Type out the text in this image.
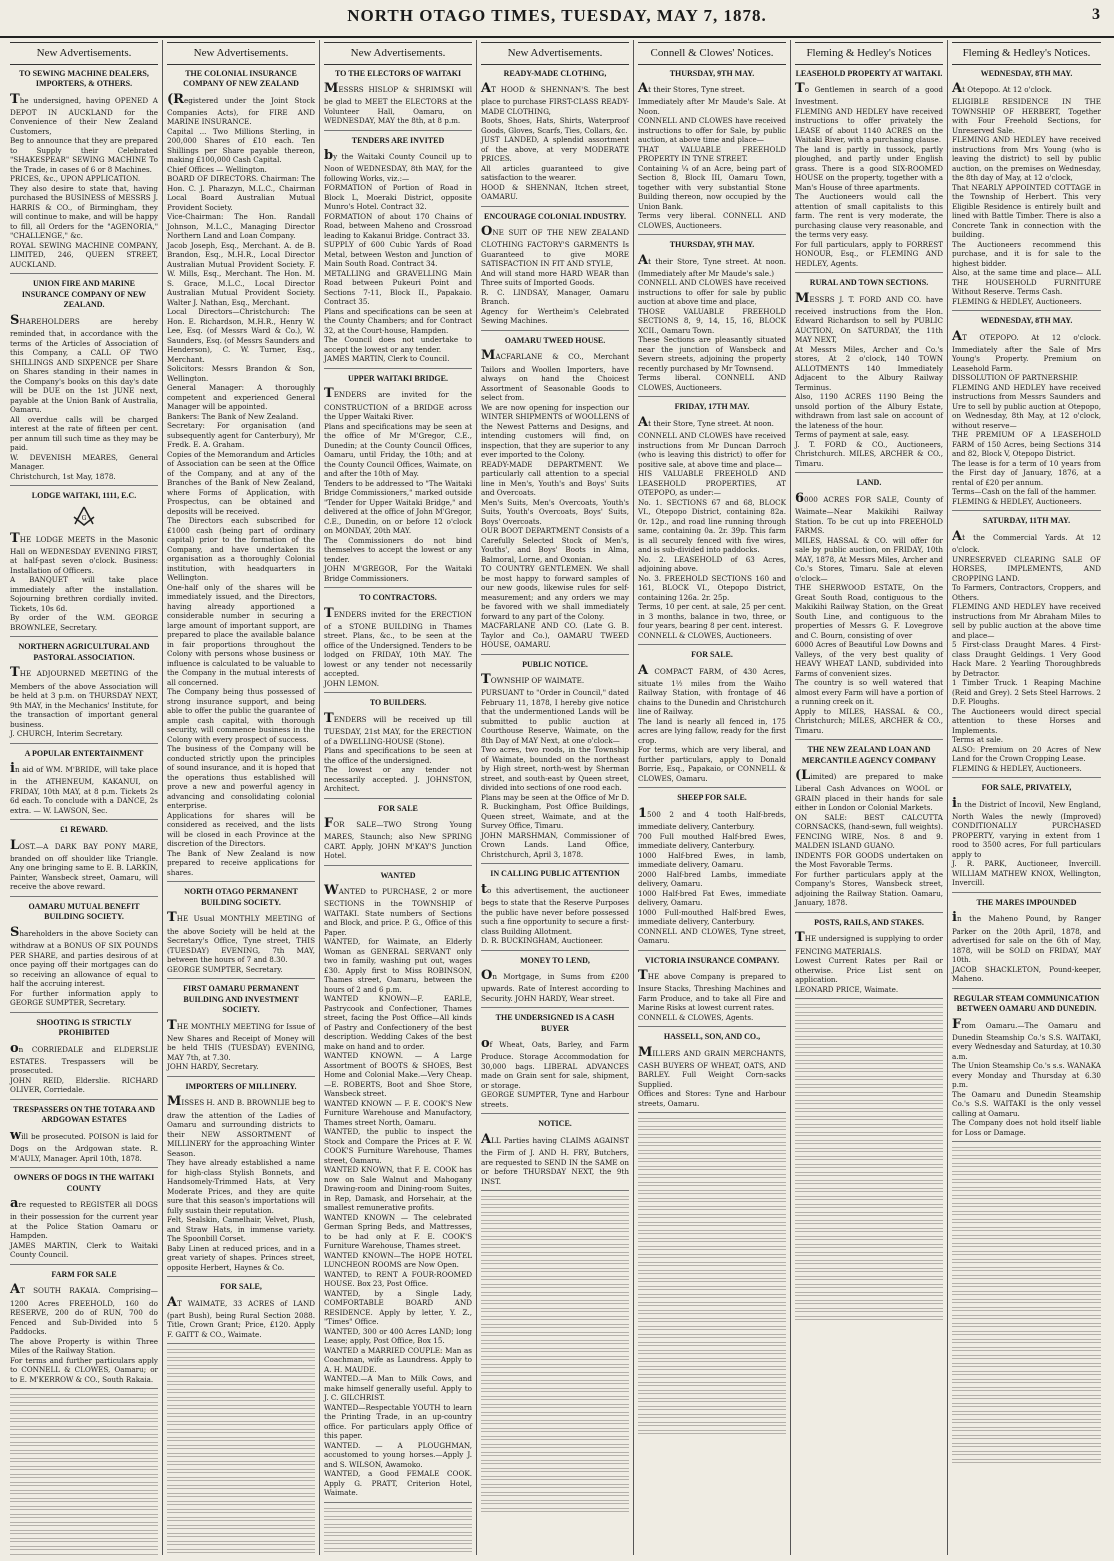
NORTH OTAGO TIMES, TUESDAY, MAY 7, 1878.	3
New Advertisements.
TO SEWING MACHINE DEALERS, IMPORTERS, & OTHERS.

The undersigned, having OPENED A DEPOT IN AUCKLAND for the Convenience of their New Zealand Customers,

Beg to announce that they are prepared to Supply their Celebrated "SHAKESPEAR" SEWING MACHINE To the Trade, in cases of 6 or 8 Machines.

PRICES, &c., UPON APPLICATION.

They also desire to state that, having purchased the BUSINESS of MESSRS J. HARRIS & CO., of Birmingham, they will continue to make, and will be happy to fill, all Orders for the "AGENORIA," "CHALLENGE," &c.

ROYAL SEWING MACHINE COMPANY, LIMITED, 246, QUEEN STREET, AUCKLAND.

UNION FIRE AND MARINE INSURANCE COMPANY OF NEW ZEALAND.

SHAREHOLDERS are hereby reminded that, in accordance with the terms of the Articles of Association of this Company, a CALL OF TWO SHILLINGS AND SIXPENCE per Share on Shares standing in their names in the Company's books on this day's date will be DUE on the 1st JUNE next, payable at the Union Bank of Australia, Oamaru.

All overdue calls will be charged interest at the rate of fifteen per cent. per annum till such time as they may be paid.

W. DEVENISH MEARES, General Manager.

Christchurch, 1st May, 1878.

LODGE WAITAKI, 1111, E.C.
G

THE LODGE MEETS in the Masonic Hall on WEDNESDAY EVENING FIRST, at half-past seven o'clock. Business: Installation of Officers.

A BANQUET will take place immediately after the installation. Sojourning brethren cordially invited. Tickets, 10s 6d.

By order of the W.M. GEORGE BROWNLEE, Secretary.

NORTHERN AGRICULTURAL AND PASTORAL ASSOCIATION.

THE ADJOURNED MEETING of the Members of the above Association will be held at 3 p.m. on THURSDAY NEXT, 9th MAY, in the Mechanics' Institute, for the transaction of important general business.

J. CHURCH, Interim Secretary.

A POPULAR ENTERTAINMENT

in aid of WM. M'BRIDE, will take place in the ATHENEUM, KAKANUI, on FRIDAY, 10th MAY, at 8 p.m. Tickets 2s 6d each. To conclude with a DANCE, 2s extra. — W. LAWSON, Sec.

£1 REWARD.

LOST.—A DARK BAY PONY MARE, branded on off shoulder like Triangle. Any one bringing same to E. B. LARKIN, Painter, Wansbeck street, Oamaru, will receive the above reward.

OAMARU MUTUAL BENEFIT BUILDING SOCIETY.

Shareholders in the above Society can withdraw at a BONUS OF SIX POUNDS PER SHARE, and parties desirous of at once paying off their mortgages can do so receiving an allowance of equal to half the accruing interest.

For further information apply to GEORGE SUMPTER, Secretary.

SHOOTING IS STRICTLY PROHIBITED

on CORRIEDALE and ELDERSLIE ESTATES. Trespassers will be prosecuted.

JOHN REID, Elderslie. RICHARD OLIVER, Corriedale.

TRESPASSERS ON THE TOTARA AND ARDGOWAN ESTATES

will be prosecuted. POISON is laid for Dogs on the Ardgowan state. R. M'AULY, Manager. April 10th, 1878.

OWNERS OF DOGS IN THE WAITAKI COUNTY

are requested to REGISTER all DOGS in their possession for the current year at the Police Station Oamaru or Hampden.

JAMES MARTIN, Clerk to Waitaki County Council.

FARM FOR SALE

AT SOUTH RAKAIA. Comprising— 1200 Acres FREEHOLD, 160 do RESERVE, 200 do of RUN, 700 do Fenced and Sub-Divided into 5 Paddocks.

The above Property is within Three Miles of the Railway Station.

For terms and further particulars apply to CONNELL & CLOWES, Oamaru; or to E. M'KERROW & CO., South Rakaia.

New Advertisements.
THE COLONIAL INSURANCE COMPANY OF NEW ZEALAND

(Registered under the Joint Stock Companies Acts), for FIRE AND MARINE INSURANCE.

Capital ... Two Millions Sterling, in 200,000 Shares of £10 each. Ten Shillings per Share payable thereon, making £100,000 Cash Capital.

Chief Offices — Wellington.

BOARD OF DIRECTORS. Chairman: The Hon. C. J. Pharazyn, M.L.C., Chairman Local Board Australian Mutual Provident Society.

Vice-Chairman: The Hon. Randall Johnson, M.L.C., Managing Director Northern Land and Loan Company.

Jacob Joseph, Esq., Merchant. A. de B. Brandon, Esq., M.H.R., Local Director Australian Mutual Provident Society. F. W. Mills, Esq., Merchant. The Hon. M. S. Grace, M.L.C., Local Director Australian Mutual Provident Society. Walter J. Nathan, Esq., Merchant.

Local Directors—Christchurch: The Hon. E. Richardson, M.H.R., Henry W. Lee, Esq. (of Messrs Ward & Co.), W. Saunders, Esq. (of Messrs Saunders and Henderson), C. W. Turner, Esq., Merchant.

Solicitors: Messrs Brandon & Son, Wellington.

General Manager: A thoroughly competent and experienced General Manager will be appointed.

Bankers: The Bank of New Zealand.

Secretary: For organisation (and subsequently agent for Canterbury), Mr Fredk. E. A. Graham.

Copies of the Memorandum and Articles of Association can be seen at the Office of the Company, and at any of the Branches of the Bank of New Zealand, where Forms of Application, with Prospectus, can be obtained and deposits will be received.

The Directors each subscribed for £1000 cash (being part of ordinary capital) prior to the formation of the Company, and have undertaken its organisation as a thoroughly Colonial institution, with headquarters in Wellington.

One-half only of the shares will be immediately issued, and the Directors, having already apportioned a considerable number in securing a large amount of important support, are prepared to place the available balance in fair proportions throughout the Colony with persons whose business or influence is calculated to be valuable to the Company in the mutual interests of all concerned.

The Company being thus possessed of strong insurance support, and being able to offer the public the guarantee of ample cash capital, with thorough security, will commence business in the Colony with every prospect of success.

The business of the Company will be conducted strictly upon the principles of sound insurance, and it is hoped that the operations thus established will prove a new and powerful agency in advancing and consolidating colonial enterprise.

Applications for shares will be considered as received, and the lists will be closed in each Province at the discretion of the Directors.

The Bank of New Zealand is now prepared to receive applications for shares.

NORTH OTAGO PERMANENT BUILDING SOCIETY.

THE Usual MONTHLY MEETING of the above Society will be held at the Secretary's Office, Tyne street, THIS (TUESDAY) EVENING, 7th MAY, between the hours of 7 and 8.30.

GEORGE SUMPTER, Secretary.

FIRST OAMARU PERMANENT BUILDING AND INVESTMENT SOCIETY.

THE MONTHLY MEETING for Issue of New Shares and Receipt of Money will be held THIS (TUESDAY) EVENING, MAY 7th, at 7.30.

JOHN HARDY, Secretary.

IMPORTERS OF MILLINERY.

MISSES H. AND B. BROWNLIE beg to draw the attention of the Ladies of Oamaru and surrounding districts to their NEW ASSORTMENT of MILLINERY for the approaching Winter Season.

They have already established a name for high-class Stylish Bonnets, and Handsomely-Trimmed Hats, at Very Moderate Prices, and they are quite sure that this season's importations will fully sustain their reputation.

Felt, Sealskin, Camelhair, Velvet, Plush, and Straw Hats, in immense variety. The Spoonbill Corset.

Baby Linen at reduced prices, and in a great variety of shapes. Princes street, opposite Herbert, Haynes & Co.

FOR SALE,

AT WAIMATE, 33 ACRES of LAND (part Bush), being Rural Section 2088. Title, Crown Grant; Price, £120. Apply F. GAITT & CO., Waimate.

New Advertisements.
TO THE ELECTORS OF WAITAKI

MESSRS HISLOP & SHRIMSKI will be glad to MEET the ELECTORS at the Volunteer Hall, Oamaru, on WEDNESDAY, MAY the 8th, at 8 p.m.

TENDERS ARE INVITED

by the Waitaki County Council up to Noon of WEDNESDAY, 8th MAY, for the following Works, viz.:—

FORMATION of Portion of Road in Block L, Moeraki District, opposite Munro's Hotel. Contract 32.

FORMATION of about 170 Chains of Road, between Maheno and Crossroad leading to Kakanui Bridge. Contract 33.

SUPPLY of 600 Cubic Yards of Road Metal, between Weston and Junction of Main South Road. Contract 34.

METALLING and GRAVELLING Main Road between Pukeuri Point and Sections 7-11, Block II., Papakaio. Contract 35.

Plans and specifications can be seen at the County Chambers; and for Contract 32, at the Court-house, Hampden.

The Council does not undertake to accept the lowest or any tender.

JAMES MARTIN, Clerk to Council.

UPPER WAITAKI BRIDGE.

TENDERS are invited for the CONSTRUCTION of a BRIDGE across the Upper Waitaki River.

Plans and specifications may be seen at the office of Mr M'Gregor, C.E., Dunedin; at the County Council Offices, Oamaru, until Friday, the 10th; and at the County Council Offices, Waimate, on and after the 10th of May.

Tenders to be addressed to "The Waitaki Bridge Commissioners," marked outside "Tender for Upper Waitaki Bridge," and delivered at the office of John M'Gregor, C.E., Dunedin, on or before 12 o'clock on MONDAY, 20th MAY.

The Commissioners do not bind themselves to accept the lowest or any tender.

JOHN M'GREGOR, For the Waitaki Bridge Commissioners.

TO CONTRACTORS.

TENDERS invited for the ERECTION of a STONE BUILDING in Thames street. Plans, &c., to be seen at the office of the Undersigned. Tenders to be lodged on FRIDAY, 10th MAY. The lowest or any tender not necessarily accepted.

JOHN LEMON.

TO BUILDERS.

TENDERS will be received up till TUESDAY, 21st MAY, for the ERECTION of a DWELLING-HOUSE (Stone).

Plans and specifications to be seen at the office of the undersigned.

The lowest or any tender not necessarily accepted. J. JOHNSTON, Architect.

FOR SALE

FOR SALE—TWO Strong Young MARES, Staunch; also New SPRING CART. Apply, JOHN M'KAY'S Junction Hotel.

WANTED

WANTED to PURCHASE, 2 or more SECTIONS in the TOWNSHIP of WAITAKI. State numbers of Sections and Block, and price. P. G., Office of this Paper.

WANTED, for Waimate, an Elderly Woman as GENERAL SERVANT only two in family, washing put out, wages £30. Apply first to Miss ROBINSON, Thames street, Oamaru, between the hours of 2 and 6 p.m.

WANTED KNOWN—F. EARLE, Pastrycook and Confectioner, Thames street, facing the Post Office—All kinds of Pastry and Confectionery of the best description. Wedding Cakes of the best make on hand and to order.

WANTED KNOWN. — A Large Assortment of BOOTS & SHOES, Best Home and Colonial Make.—Very Cheap.—E. ROBERTS, Boot and Shoe Store, Wansbeck street.

WANTED KNOWN — F. E. COOK'S New Furniture Warehouse and Manufactory, Thames street North, Oamaru.

WANTED, the public to inspect the Stock and Compare the Prices at F. W. COOK'S Furniture Warehouse, Thames street, Oamaru.

WANTED KNOWN, that F. E. COOK has now on Sale Walnut and Mahogany Drawing-room and Dining-room Suites, in Rep, Damask, and Horsehair, at the smallest remunerative profits.

WANTED KNOWN — The celebrated German Spring Beds, and Mattresses, to be had only at F. E. COOK'S Furniture Warehouse, Thames street.

WANTED KNOWN—The HOPE HOTEL LUNCHEON ROOMS are Now Open.

WANTED, to RENT A FOUR-ROOMED HOUSE. Box 23, Post Office.

WANTED, by a Single Lady, COMFORTABLE BOARD AND RESIDENCE. Apply by letter, Y. Z., "Times" Office.

WANTED, 300 or 400 Acres LAND; long Lease; apply, Post Office, Box 15.

WANTED a MARRIED COUPLE: Man as Coachman, wife as Laundress. Apply to A. H. MAUDE.

WANTED.—A Man to Milk Cows, and make himself generally useful. Apply to J. C. GILCHRIST.

WANTED—Respectable YOUTH to learn the Printing Trade, in an up-country office. For particulars apply Office of this paper.

WANTED. — A PLOUGHMAN, accustomed to young horses.—Apply J. and S. WILSON, Awamoko.

WANTED, a Good FEMALE COOK. Apply G. PRATT, Criterion Hotel, Waimate.

New Advertisements.
READY-MADE CLOTHING,

AT HOOD & SHENNAN'S. The best place to purchase FIRST-CLASS READY-MADE CLOTHING,

Boots, Shoes, Hats, Shirts, Waterproof Goods, Gloves, Scarfs, Ties, Collars, &c.

JUST LANDED, A splendid assortment of the above, at very MODERATE PRICES.

All articles guaranteed to give satisfaction to the wearer.

HOOD & SHENNAN, Itchen street, OAMARU.

ENCOURAGE COLONIAL INDUSTRY.

ONE SUIT OF THE NEW ZEALAND CLOTHING FACTORY'S GARMENTS Is Guaranteed to give MORE SATISFACTION IN FIT AND STYLE,

And will stand more HARD WEAR than Three suits of Imported Goods.

R. C. LINDSAY, Manager, Oamaru Branch.

Agency for Wertheim's Celebrated Sewing Machines.

OAMARU TWEED HOUSE.

MACFARLANE & CO., Merchant Tailors and Woollen Importers, have always on hand the Choicest Assortment of Seasonable Goods to select from.

We are now opening for inspection our WINTER SHIPMENTS of WOOLLENS of the Newest Patterns and Designs, and intending customers will find, on inspection, that they are superior to any ever imported to the Colony.

READY-MADE DEPARTMENT. We particularly call attention to a special line in Men's, Youth's and Boys' Suits and Overcoats.

Men's Suits, Men's Overcoats, Youth's Suits, Youth's Overcoats, Boys' Suits, Boys' Overcoats.

OUR BOOT DEPARTMENT Consists of a Carefully Selected Stock of Men's, Youths', and Boys' Boots in Alma, Balmoral, Lorne, and Oxonian.

TO COUNTRY GENTLEMEN. We shall be most happy to forward samples of our new goods, likewise rules for self-measurement; and any orders we may be favored with we shall immediately forward to any part of the Colony.

MACFARLANE AND CO. (Late G. B. Taylor and Co.), OAMARU TWEED HOUSE, OAMARU.

PUBLIC NOTICE.

TOWNSHIP OF WAIMATE.

PURSUANT to "Order in Council," dated February 11, 1878, I hereby give notice that the undermentioned Lands will be submitted to public auction at Courthouse Reserve, Waimate, on the 8th Day of MAY Next, at one o'clock—

Two acres, two roods, in the Township of Waimate, bounded on the northeast by High street, north-west by Sherman street, and south-east by Queen street, divided into sections of one rood each.

Plans may be seen at the Office of Mr D. R. Buckingham, Post Office Buildings, Queen street, Waimate, and at the Survey Office, Timaru.

JOHN MARSHMAN, Commissioner of Crown Lands. Land Office, Christchurch, April 3, 1878.

IN CALLING PUBLIC ATTENTION

to this advertisement, the auctioneer begs to state that the Reserve Purposes the public have never before possessed such a fine opportunity to secure a first-class Building Allotment.

D. R. BUCKINGHAM, Auctioneer.

MONEY TO LEND,

On Mortgage, in Sums from £200 upwards. Rate of Interest according to Security. JOHN HARDY, Wear street.

THE UNDERSIGNED IS A CASH BUYER

of Wheat, Oats, Barley, and Farm Produce. Storage Accommodation for 30,000 bags. LIBERAL ADVANCES made on Grain sent for sale, shipment, or storage.

GEORGE SUMPTER, Tyne and Harbour streets.

NOTICE.

ALL Parties having CLAIMS AGAINST the Firm of J. AND H. FRY, Butchers, are requested to SEND IN the SAME on or before THURSDAY NEXT, the 9th INST.

Connell & Clowes' Notices.
THURSDAY, 9TH MAY.

At their Stores, Tyne street.

Immediately after Mr Maude's Sale. At Noon.

CONNELL AND CLOWES have received instructions to offer for Sale, by public auction, at above time and place—

THAT VALUABLE FREEHOLD PROPERTY IN TYNE STREET.

Containing ¼ of an Acre, being part of Section 8, Block III, Oamaru Town, together with very substantial Stone Building thereon, now occupied by the Union Bank.

Terms very liberal. CONNELL AND CLOWES, Auctioneers.

THURSDAY, 9TH MAY.

At their Store, Tyne street. At noon. (Immediately after Mr Maude's sale.)

CONNELL AND CLOWES have received instructions to offer for sale by public auction at above time and place,

THOSE VALUABLE FREEHOLD SECTIONS 8, 9, 14, 15, 16, BLOCK XCII., Oamaru Town.

These Sections are pleasantly situated near the junction of Wansbeck and Severn streets, adjoining the property recently purchased by Mr Townsend.

Terms liberal. CONNELL AND CLOWES, Auctioneers.

FRIDAY, 17TH MAY.

At their Store, Tyne street. At noon.

CONNELL AND CLOWES have received instructions from Mr Duncan Darroch (who is leaving this district) to offer for positive sale, at above time and place—

HIS VALUABLE FREEHOLD AND LEASEHOLD PROPERTIES, AT OTEPOPO, as under:—

No. 1. SECTIONS 67 and 68, BLOCK VI., Otepopo District, containing 82a. 0r. 12p., and road line running through same, containing 0a. 2r. 39p. This farm is all securely fenced with five wires, and is sub-divided into paddocks.

No. 2. LEASEHOLD of 63 Acres, adjoining above.

No. 3. FREEHOLD SECTIONS 160 and 161, BLOCK VI., Otepopo District, containing 126a. 2r. 25p.

Terms, 10 per cent. at sale, 25 per cent. in 3 months, balance in two, three, or four years, bearing 8 per cent. interest.

CONNELL & CLOWES, Auctioneers.

FOR SALE.

A COMPACT FARM, of 430 Acres, situate 1½ miles from the Waiho Railway Station, with frontage of 46 chains to the Dunedin and Christchurch line of Railway.

The land is nearly all fenced in, 175 acres are lying fallow, ready for the first crop.

For terms, which are very liberal, and further particulars, apply to Donald Borrie, Esq., Papakaio, or CONNELL & CLOWES, Oamaru.

SHEEP FOR SALE.

1500 2 and 4 tooth Half-breds, immediate delivery, Canterbury.

700 Full mouthed Half-bred Ewes, immediate delivery, Canterbury.

1000 Half-bred Ewes, in lamb, immediate delivery, Oamaru.

2000 Half-bred Lambs, immediate delivery, Oamaru.

1000 Half-bred Fat Ewes, immediate delivery, Oamaru.

1000 Full-mouthed Half-bred Ewes, immediate delivery, Canterbury.

CONNELL AND CLOWES, Tyne street, Oamaru.

VICTORIA INSURANCE COMPANY.

THE above Company is prepared to Insure Stacks, Threshing Machines and Farm Produce, and to take all Fire and Marine Risks at lowest current rates.

CONNELL & CLOWES, Agents.

HASSELL, SON, AND CO.,

MILLERS AND GRAIN MERCHANTS, CASH BUYERS OF WHEAT, OATS, AND BARLEY. Full Weight Corn-sacks Supplied.

Offices and Stores: Tyne and Harbour streets, Oamaru.

Fleming & Hedley's Notices
LEASEHOLD PROPERTY AT WAITAKI.

To Gentlemen in search of a good Investment.

FLEMING AND HEDLEY have received instructions to offer privately the LEASE of about 1140 ACRES on the Waitaki River, with a purchasing clause.

The land is partly in tussock, partly ploughed, and partly under English grass. There is a good SIX-ROOMED HOUSE on the property, together with a Man's House of three apartments.

The Auctioneers would call the attention of small capitalists to this farm. The rent is very moderate, the purchasing clause very reasonable, and the terms very easy.

For full particulars, apply to FORREST HONOUR, Esq., or FLEMING AND HEDLEY, Agents.

RURAL AND TOWN SECTIONS.

MESSRS J. T. FORD AND CO. have received instructions from the Hon. Edward Richardson to sell by PUBLIC AUCTION, On SATURDAY, the 11th MAY NEXT,

At Messrs Miles, Archer and Co.'s stores, At 2 o'clock, 140 TOWN ALLOTMENTS 140 Immediately Adjacent to the Albury Railway Terminus.

Also, 1190 ACRES 1190 Being the unsold portion of the Albury Estate, withdrawn from last sale on account of the lateness of the hour.

Terms of payment at sale, easy.

J. T. FORD & CO., Auctioneers, Christchurch. MILES, ARCHER & CO., Timaru.

LAND.

6000 ACRES FOR SALE, County of Waimate—Near Makikihi Railway Station. To be cut up into FREEHOLD FARMS.

MILES, HASSAL & CO. will offer for sale by public auction, on FRIDAY, 10th MAY, 1878, At Messrs Miles, Archer and Co.'s Stores, Timaru. Sale at eleven o'clock—

THE SHERWOOD ESTATE, On the Great South Road, contiguous to the Makikihi Railway Station, on the Great South Line, and contiguous to the properties of Messrs G. F. Lovegrove and C. Bourn, consisting of over

6000 Acres of Beautiful Low Downs and Valleys, of the very best quality of HEAVY WHEAT LAND, subdivided into Farms of convenient sizes.

The country is so well watered that almost every Farm will have a portion of a running creek on it.

Apply to MILES, HASSAL & CO., Christchurch; MILES, ARCHER & CO., Timaru.

THE NEW ZEALAND LOAN AND MERCANTILE AGENCY COMPANY

(Limited) are prepared to make Liberal Cash Advances on WOOL or GRAIN placed in their hands for sale either in London or Colonial Markets.

ON SALE: BEST CALCUTTA CORNSACKS, (hand-sewn, full weights). FENCING WIRE, Nos. 8 and 9. MALDEN ISLAND GUANO.

INDENTS FOR GOODS undertaken on the Most Favorable Terms.

For further particulars apply at the Company's Stores, Wansbeck street, adjoining the Railway Station. Oamaru, January, 1878.

POSTS, RAILS, AND STAKES.

THE undersigned is supplying to order FENCING MATERIALS.

Lowest Current Rates per Rail or otherwise. Price List sent on application.

LEONARD PRICE, Waimate.

Fleming & Hedley's Notices.
WEDNESDAY, 8TH MAY.

At Otepopo. At 12 o'clock.

ELIGIBLE RESIDENCE IN THE TOWNSHIP OF HERBERT, Together with Four Freehold Sections, for Unreserved Sale.

FLEMING AND HEDLEY have received instructions from Mrs Young (who is leaving the district) to sell by public auction, on the premises on Wednesday, the 8th day of May, at 12 o'clock,

That NEARLY APPOINTED COTTAGE in the Township of Herbert. This very Eligible Residence is entirely built and lined with Battle Timber. There is also a Concrete Tank in connection with the building.

The Auctioneers recommend this purchase, and it is for sale to the highest bidder.

Also, at the same time and place— ALL THE HOUSEHOLD FURNITURE Without Reserve. Terms Cash.

FLEMING & HEDLEY, Auctioneers.

WEDNESDAY, 8TH MAY.

AT OTEPOPO. At 12 o'clock. Immediately after the Sale of Mrs Young's Property. Premium on Leasehold Farm.

DISSOLUTION OF PARTNERSHIP.

FLEMING AND HEDLEY have received instructions from Messrs Saunders and Ure to sell by public auction at Otepopo, on Wednesday, 8th May, at 12 o'clock, without reserve—

THE PREMIUM OF A LEASEHOLD FARM of 150 Acres, being Sections 314 and 82, Block V, Otepopo District.

The lease is for a term of 10 years from the First day of January, 1876, at a rental of £20 per annum.

Terms—Cash on the fall of the hammer.

FLEMING & HEDLEY, Auctioneers.

SATURDAY, 11TH MAY.

At the Commercial Yards. At 12 o'clock.

UNRESERVED CLEARING SALE OF HORSES, IMPLEMENTS, AND CROPPING LAND.

To Farmers, Contractors, Croppers, and Others.

FLEMING AND HEDLEY have received instructions from Mr Abraham Miles to sell by public auction at the above time and place—

5 First-class Draught Mares. 4 First-class Draught Geldings. 1 Very Good Hack Mare. 2 Yearling Thoroughbreds by Detractor.

1 Timber Truck. 1 Reaping Machine (Reid and Grey). 2 Sets Steel Harrows. 2 D.F. Ploughs.

The Auctioneers would direct special attention to these Horses and Implements.

Terms at sale.

ALSO: Premium on 20 Acres of New Land for the Crown Cropping Lease.

FLEMING & HEDLEY, Auctioneers.

FOR SALE, PRIVATELY,

in the District of Incovil, New England, North Wales the newly (Improved) CONDITIONALLY PURCHASED PROPERTY, varying in extent from 1 rood to 3500 acres, For full particulars apply to

J. R. PARK, Auctioneer, Invercill. WILLIAM MATHEW KNOX, Wellington, Invercill.

THE MARES IMPOUNDED

in the Maheno Pound, by Ranger Parker on the 20th April, 1878, and advertised for sale on the 6th of May, 1878, will be SOLD on FRIDAY, MAY 10th.

JACOB SHACKLETON, Pound-keeper, Maheno.

REGULAR STEAM COMMUNICATION BETWEEN OAMARU AND DUNEDIN.

From Oamaru.—The Oamaru and Dunedin Steamship Co.'s S.S. WAITAKI, every Wednesday and Saturday, at 10.30 a.m.

The Union Steamship Co.'s s.s. WANAKA every Monday and Thursday at 6.30 p.m.

The Oamaru and Dunedin Steamship Co.'s S.S. WAITAKI is the only vessel calling at Oamaru.

The Company does not hold itself liable for Loss or Damage.
